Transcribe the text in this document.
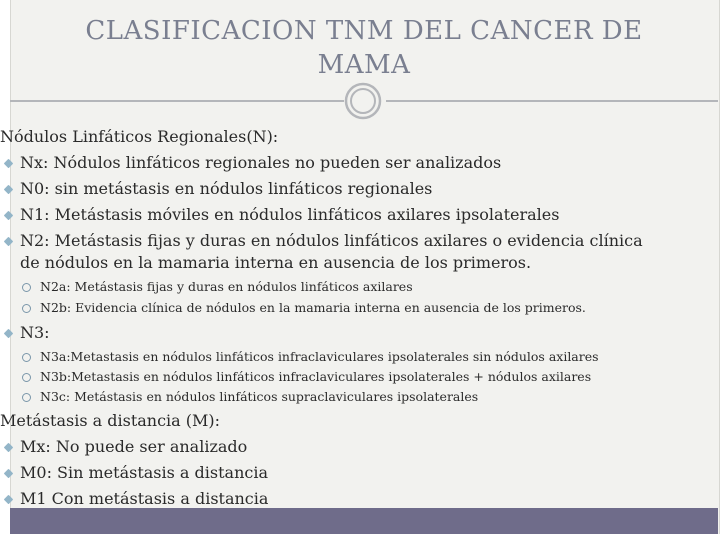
CLASIFICACION TNM DEL CANCER DE
MAMA
Nódulos Linfáticos Regionales(N):
Nx: Nódulos linfáticos regionales no pueden ser analizados
N0: sin metástasis en nódulos linfáticos regionales
N1: Metástasis móviles en nódulos linfáticos axilares ipsolaterales
N2: Metástasis fijas y duras en nódulos linfáticos axilares o evidencia clínica
de nódulos en la mamaria interna en ausencia de los primeros.
N2a: Metástasis fijas y duras en nódulos linfáticos axilares
N2b: Evidencia clínica de nódulos en la mamaria interna en ausencia de los primeros.
N3:
N3a:Metastasis en nódulos linfáticos infraclaviculares ipsolaterales sin nódulos axilares
N3b:Metastasis en nódulos linfáticos infraclaviculares ipsolaterales + nódulos axilares
N3c: Metástasis en nódulos linfáticos supraclaviculares ipsolaterales
Metástasis a distancia (M):
Mx: No puede ser analizado
M0: Sin metástasis a distancia
M1 Con metástasis a distancia
